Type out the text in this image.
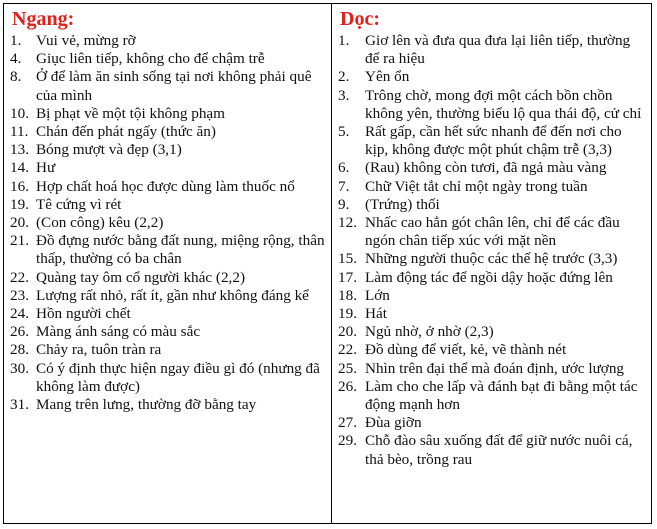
Ngang:
1. Vui vẻ, mừng rỡ
4. Giục liên tiếp, không cho để chậm trễ
8. Ở để làm ăn sinh sống tại nơi không phải quê của mình
10. Bị phạt về một tội không phạm
11. Chán đến phát ngấy (thức ăn)
13. Bóng mượt và đẹp (3,1)
14. Hư
16. Hợp chất hoá học được dùng làm thuốc nổ
19. Tê cứng vì rét
20. (Con công) kêu (2,2)
21. Đồ đựng nước bằng đất nung, miệng rộng, thân thấp, thường có ba chân
22. Quàng tay ôm cổ người khác (2,2)
23. Lượng rất nhỏ, rất ít, gần như không đáng kể
24. Hồn người chết
26. Màng ánh sáng có màu sắc
28. Chảy ra, tuôn tràn ra
30. Có ý định thực hiện ngay điều gì đó (nhưng đã không làm được)
31. Mang trên lưng, thường đỡ bằng tay
Dọc:
1.	Giơ lên và đưa qua đưa lại liên tiếp, thường để ra hiệu
2.	Yên ổn
3.	Trông chờ, mong đợi một cách bồn chồn không yên, thường biểu lộ qua thái độ, cử chỉ
5.	Rất gấp, cần hết sức nhanh để đến nơi cho kịp, không được một phút chậm trễ (3,3)
6.	(Rau) không còn tươi, đã ngả màu vàng
7.	Chữ Việt tắt chỉ một ngày trong tuần
9.	(Trứng) thối
12. Nhấc cao hẳn gót chân lên, chỉ để các đầu ngón chân tiếp xúc với mặt nền
15. Những người thuộc các thế hệ trước (3,3)
17. Làm động tác để ngồi dậy hoặc đứng lên
18. Lớn
19. Hát
20. Ngủ nhờ, ở nhờ (2,3)
22. Đồ dùng để viết, kẻ, vẽ thành nét
25. Nhìn trên đại thể mà đoán định, ước lượng
26. Làm cho che lấp và đánh bạt đi bằng một tác động mạnh hơn
27. Đùa giỡn
29. Chỗ đào sâu xuống đất để giữ nước nuôi cá, thả bèo, trồng rau
